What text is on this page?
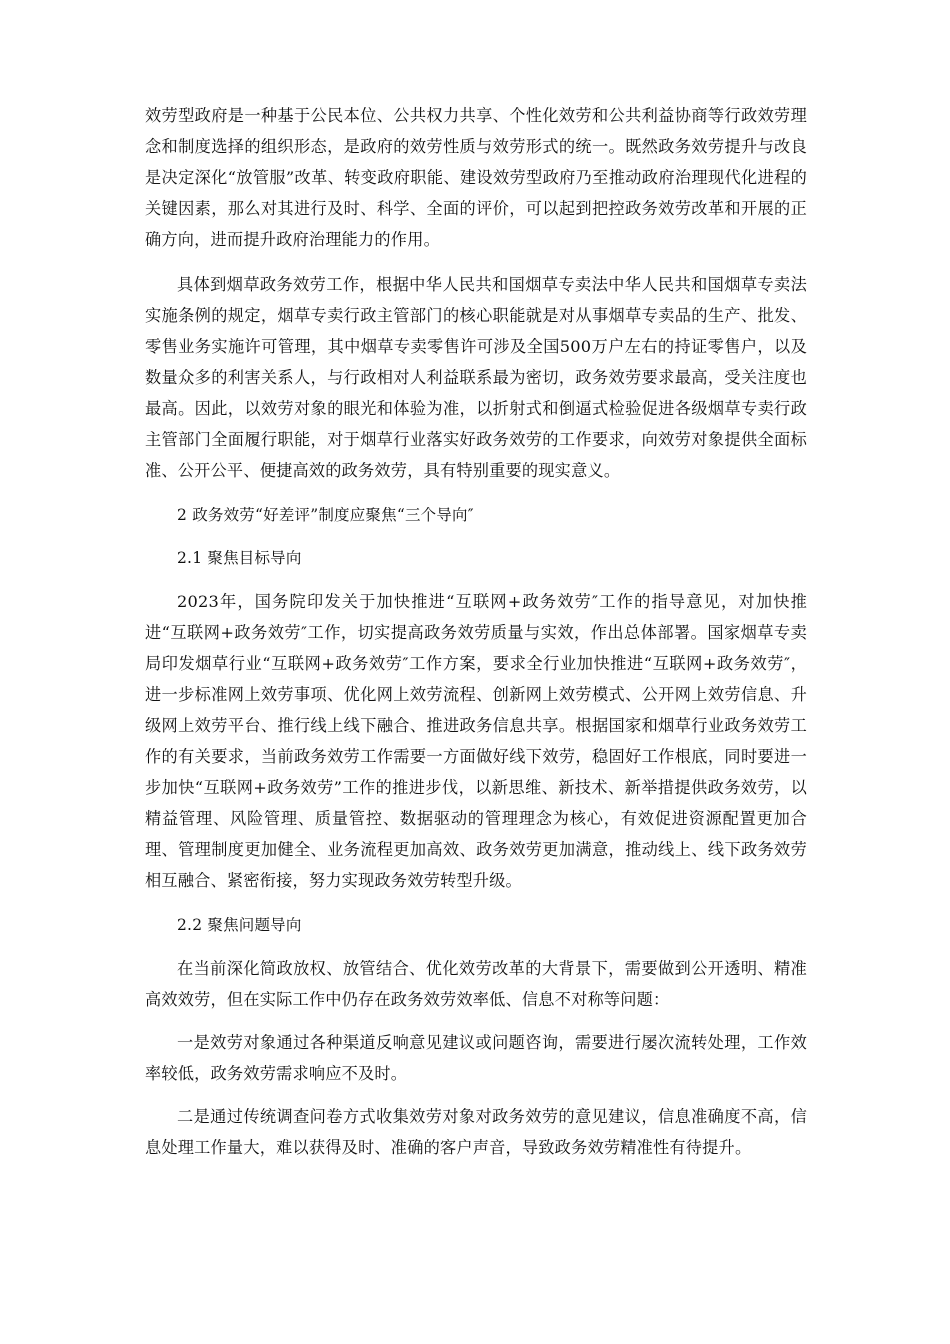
效劳型政府是一种基于公民本位、公共权力共享、个性化效劳和公共利益协商等行政效劳理念和制度选择的组织形态，是政府的效劳性质与效劳形式的统一。既然政务效劳提升与改良是决定深化“放管服”改革、转变政府职能、建设效劳型政府乃至推动政府治理现代化进程的关键因素，那么对其进行及时、科学、全面的评价，可以起到把控政务效劳改革和开展的正确方向，进而提升政府治理能力的作用。

具体到烟草政务效劳工作，根据中华人民共和国烟草专卖法中华人民共和国烟草专卖法实施条例的规定，烟草专卖行政主管部门的核心职能就是对从事烟草专卖品的生产、批发、零售业务实施许可管理，其中烟草专卖零售许可涉及全国500万户左右的持证零售户，以及数量众多的利害关系人，与行政相对人利益联系最为密切，政务效劳要求最高，受关注度也最高。因此，以效劳对象的眼光和体验为准，以折射式和倒逼式检验促进各级烟草专卖行政主管部门全面履行职能，对于烟草行业落实好政务效劳的工作要求，向效劳对象提供全面标准、公开公平、便捷高效的政务效劳，具有特别重要的现实意义。

2 政务效劳“好差评”制度应聚焦“三个导向″

2.1 聚焦目标导向

2023年，国务院印发关于加快推进“互联网+政务效劳″工作的指导意见，对加快推进“互联网+政务效劳″工作，切实提高政务效劳质量与实效，作出总体部署。国家烟草专卖局印发烟草行业“互联网+政务效劳″工作方案，要求全行业加快推进“互联网+政务效劳″，进一步标准网上效劳事项、优化网上效劳流程、创新网上效劳模式、公开网上效劳信息、升级网上效劳平台、推行线上线下融合、推进政务信息共享。根据国家和烟草行业政务效劳工作的有关要求，当前政务效劳工作需要一方面做好线下效劳，稳固好工作根底，同时要进一步加快“互联网+政务效劳”工作的推进步伐，以新思维、新技术、新举措提供政务效劳，以精益管理、风险管理、质量管控、数据驱动的管理理念为核心，有效促进资源配置更加合理、管理制度更加健全、业务流程更加高效、政务效劳更加满意，推动线上、线下政务效劳相互融合、紧密衔接，努力实现政务效劳转型升级。

2.2 聚焦问题导向

在当前深化简政放权、放管结合、优化效劳改革的大背景下，需要做到公开透明、精准高效效劳，但在实际工作中仍存在政务效劳效率低、信息不对称等问题：

一是效劳对象通过各种渠道反响意见建议或问题咨询，需要进行屡次流转处理，工作效率较低，政务效劳需求响应不及时。

二是通过传统调查问卷方式收集效劳对象对政务效劳的意见建议，信息准确度不高，信息处理工作量大，难以获得及时、准确的客户声音，导致政务效劳精准性有待提升。
